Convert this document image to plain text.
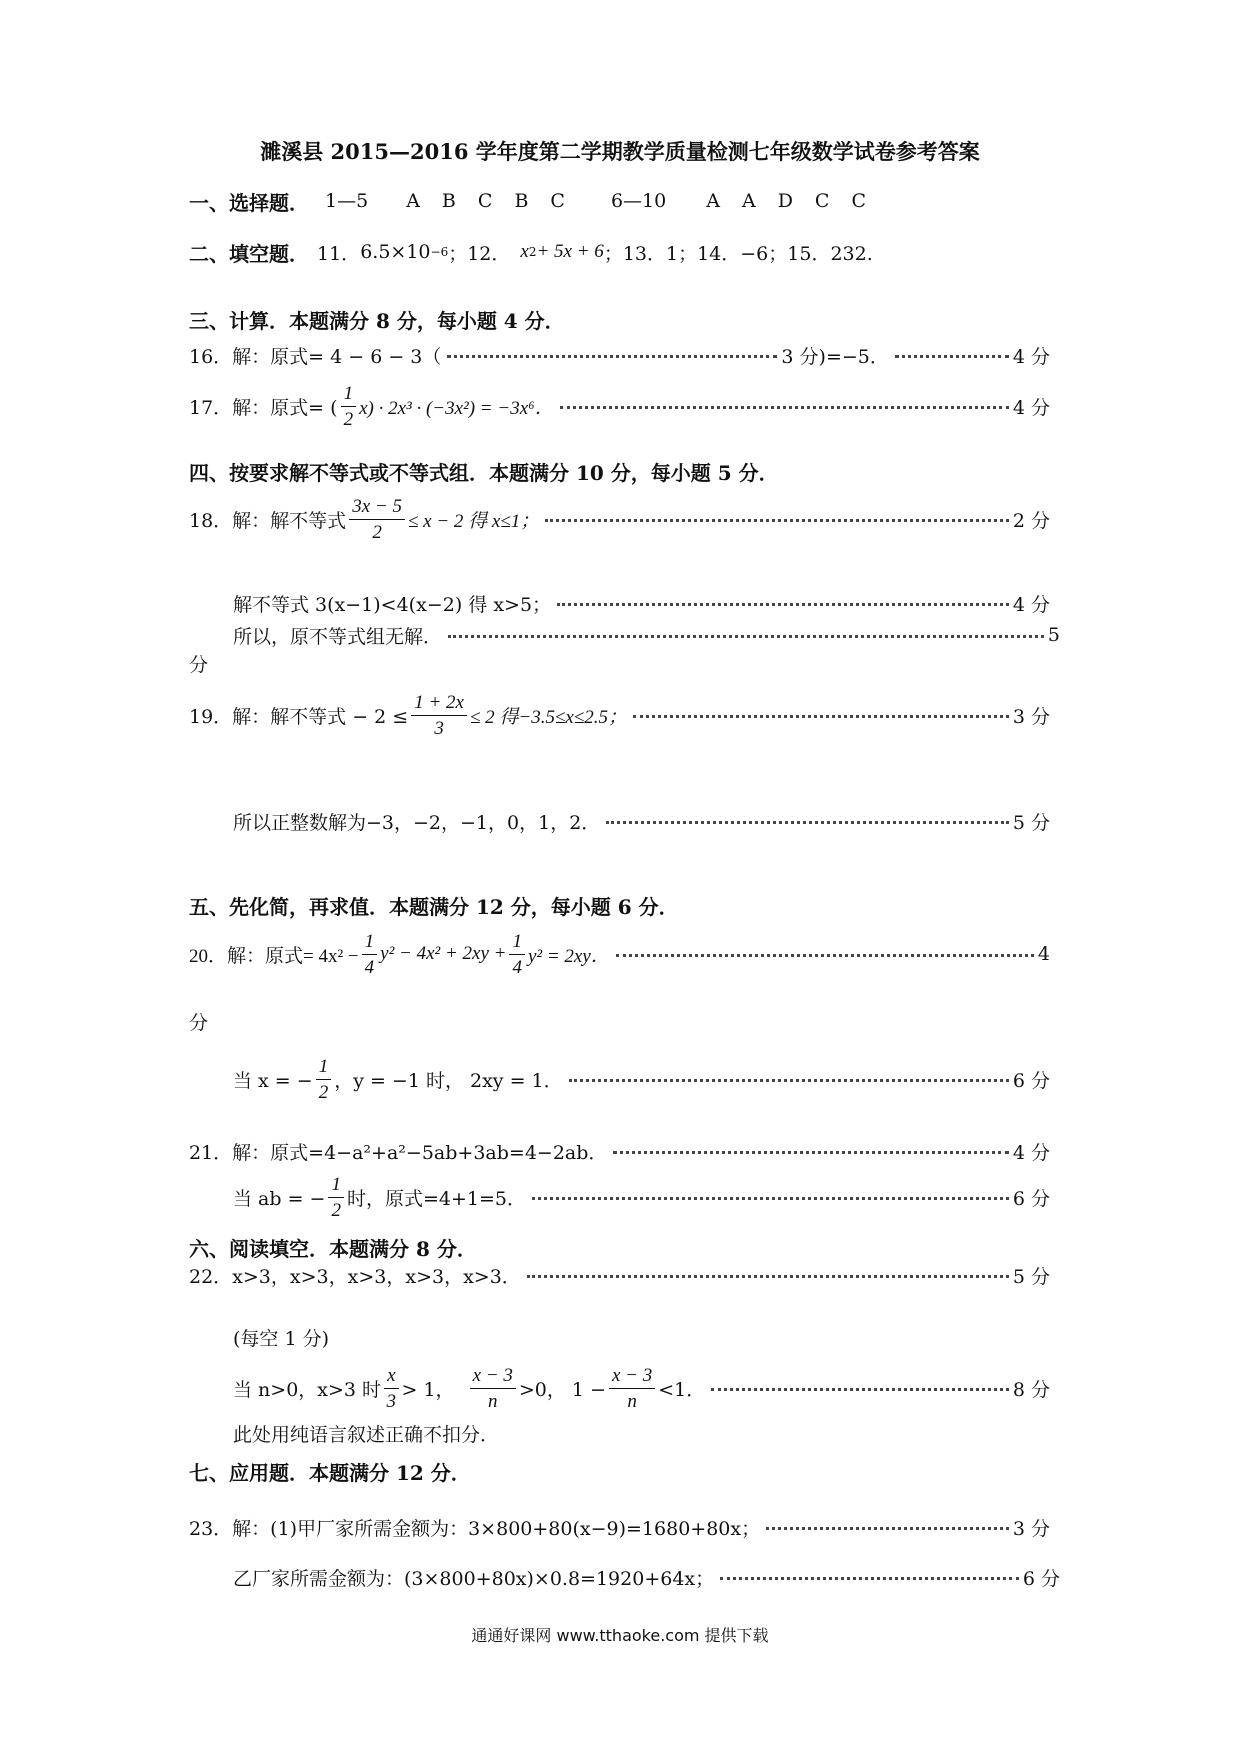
濉溪县 2015—2016 学年度第二学期教学质量检测七年级数学试卷参考答案
一、选择题． 1—5 A B C B C 6—10 A A D C C
二、填空题． 11． 6.5×10 −6 ；12． x 2 + 5x + 6 ；13．1；14．−6；15．232.
三、计算．本题满分 8 分，每小题 4 分．
16．解：原式= 4 − 6 − 3（	3 分)=−5．	4 分
17．解：原式= ( $\frac{1}{2} x) \cdot 2x^3 \cdot (-3x^2) = -3x^6$．	4 分
四、按要求解不等式或不等式组．本题满分 10 分，每小题 5 分．
18．解：解不等式 $\frac{3x - 5}{2} \le x - 2$ 得 x≤1；	2 分
解不等式 3(x−1)<4(x−2) 得 x>5；	4 分
所以，原不等式组无解．	5
分
19．解：解不等式 − $2 \le \frac{1 + 2x}{3} \le 2$ 得−3.5≤x≤2.5；	3 分
所以正整数解为−3，−2，−1，0，1，2．	5 分
五、先化简，再求值．本题满分 12 分，每小题 6 分．
20．解：原式= $4x^2 - \frac{1}{4} y^2 - 4x^2 + 2xy + \frac{1}{4} y^2 = 2xy$．	4
分
当 x = − $\frac{1}{2}$ ，y = −1 时， 2xy = 1．	6 分
21．解：原式=4−a²+a²−5ab+3ab=4−2ab．	4 分
当 ab = − $\frac{1}{2}$ 时，原式=4+1=5．	6 分
六、阅读填空．本题满分 8 分．
22．x>3，x>3，x>3，x>3，x>3．	5 分
(每空 1 分)
当 n>0，x>3 时 $\frac{x}{3} > 1$， $\frac{x - 3}{n} >0$， $1 - \frac{x - 3}{n} <1$．	8 分
此处用纯语言叙述正确不扣分．
七、应用题．本题满分 12 分．
23．解：(1)甲厂家所需金额为：3×800+80(x−9)=1680+80x；	3 分
乙厂家所需金额为：(3×800+80x)×0.8=1920+64x；	6 分
通通好课网 www.tthaoke.com 提供下载
